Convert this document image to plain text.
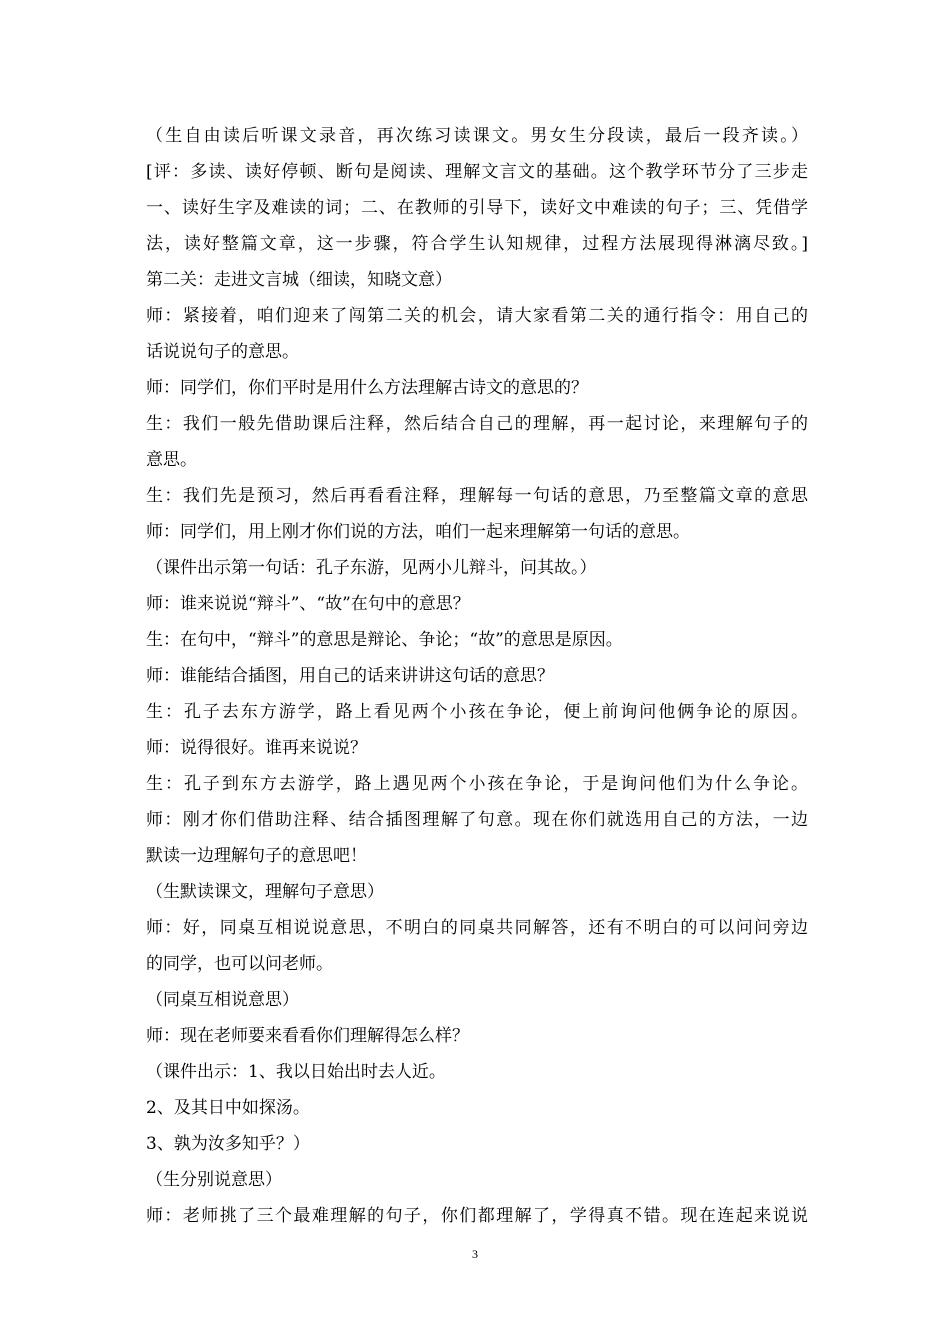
（生自由读后听课文录音，再次练习读课文。男女生分段读，最后一段齐读。）
[评：多读、读好停顿、断句是阅读、理解文言文的基础。这个教学环节分了三步走
一、读好生字及难读的词；二、在教师的引导下，读好文中难读的句子；三、凭借学
法，读好整篇文章，这一步骤，符合学生认知规律，过程方法展现得淋漓尽致。]
第二关：走进文言城（细读，知晓文意）
师：紧接着，咱们迎来了闯第二关的机会，请大家看第二关的通行指令：用自己的
话说说句子的意思。
师：同学们，你们平时是用什么方法理解古诗文的意思的？
生：我们一般先借助课后注释，然后结合自己的理解，再一起讨论，来理解句子的
意思。
生：我们先是预习，然后再看看注释，理解每一句话的意思，乃至整篇文章的意思
师：同学们，用上刚才你们说的方法，咱们一起来理解第一句话的意思。
（课件出示第一句话：孔子东游，见两小儿辩斗，问其故。）
师：谁来说说“辩斗”、“故”在句中的意思？
生：在句中，“辩斗”的意思是辩论、争论；“故”的意思是原因。
师：谁能结合插图，用自己的话来讲讲这句话的意思？
生：孔子去东方游学，路上看见两个小孩在争论，便上前询问他俩争论的原因。
师：说得很好。谁再来说说？
生：孔子到东方去游学，路上遇见两个小孩在争论，于是询问他们为什么争论。
师：刚才你们借助注释、结合插图理解了句意。现在你们就选用自己的方法，一边
默读一边理解句子的意思吧！
（生默读课文，理解句子意思）
师：好，同桌互相说说意思，不明白的同桌共同解答，还有不明白的可以问问旁边
的同学，也可以问老师。
（同桌互相说意思）
师：现在老师要来看看你们理解得怎么样？
（课件出示：1、我以日始出时去人近。
2、及其日中如探汤。
3、孰为汝多知乎？）
（生分别说意思）
师：老师挑了三个最难理解的句子，你们都理解了，学得真不错。现在连起来说说
3
